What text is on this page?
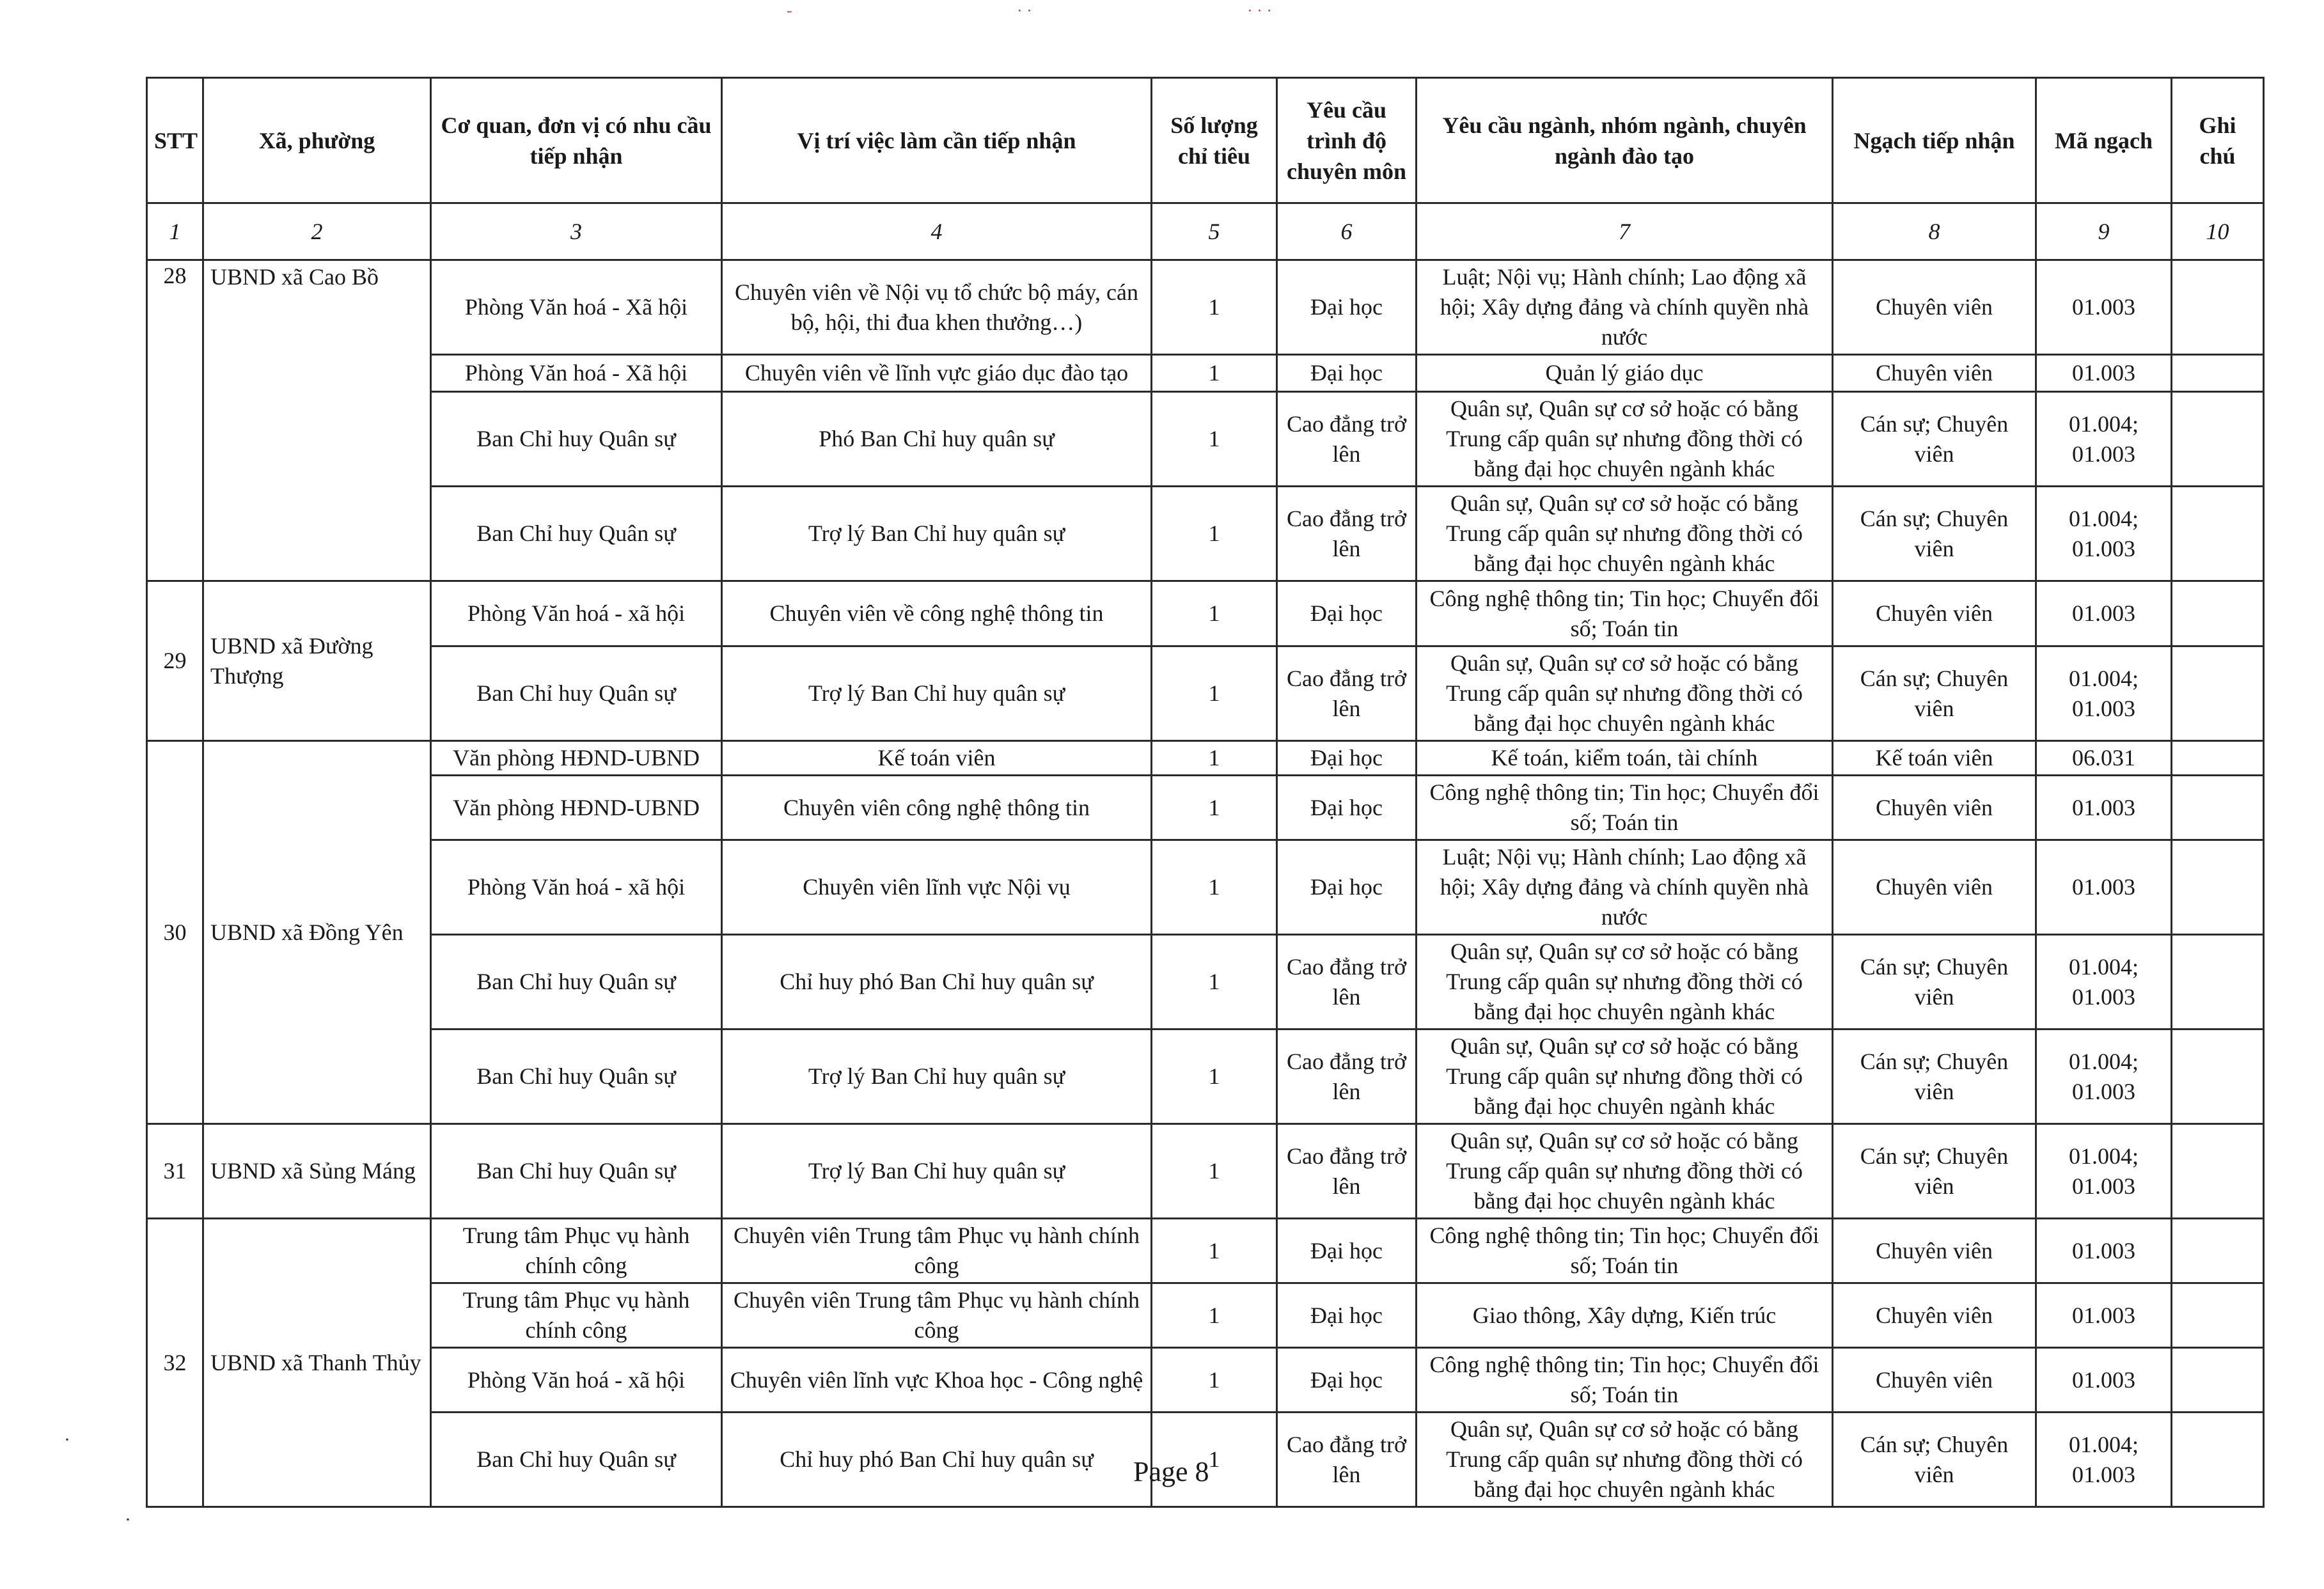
-	· ·	· · ·
·
·
STT	Xã, phường	Cơ quan, đơn vị có nhu cầu tiếp nhận	Vị trí việc làm cần tiếp nhận	Số lượng chỉ tiêu	Yêu cầu trình độ chuyên môn	Yêu cầu ngành, nhóm ngành, chuyên ngành đào tạo	Ngạch tiếp nhận	Mã ngạch	Ghi chú
1	2	3	4	5	6	7	8	9	10
28	UBND xã Cao Bồ	Phòng Văn hoá - Xã hội	Chuyên viên về Nội vụ tổ chức bộ máy, cán bộ, hội, thi đua khen thưởng…)	1	Đại học	Luật; Nội vụ; Hành chính; Lao động xã hội; Xây dựng đảng và chính quyền nhà nước	Chuyên viên	01.003	
		Phòng Văn hoá - Xã hội	Chuyên viên về lĩnh vực giáo dục đào tạo	1	Đại học	Quản lý giáo dục	Chuyên viên	01.003	
		Ban Chỉ huy Quân sự	Phó Ban Chỉ huy quân sự	1	Cao đẳng trở lên	Quân sự, Quân sự cơ sở hoặc có bằng Trung cấp quân sự nhưng đồng thời có bằng đại học chuyên ngành khác	Cán sự; Chuyên viên	01.004; 01.003	
		Ban Chỉ huy Quân sự	Trợ lý Ban Chỉ huy quân sự	1	Cao đẳng trở lên	Quân sự, Quân sự cơ sở hoặc có bằng Trung cấp quân sự nhưng đồng thời có bằng đại học chuyên ngành khác	Cán sự; Chuyên viên	01.004; 01.003	
29	UBND xã Đường Thượng	Phòng Văn hoá - xã hội	Chuyên viên về công nghệ thông tin	1	Đại học	Công nghệ thông tin; Tin học; Chuyển đổi số; Toán tin	Chuyên viên	01.003	
		Ban Chỉ huy Quân sự	Trợ lý Ban Chỉ huy quân sự	1	Cao đẳng trở lên	Quân sự, Quân sự cơ sở hoặc có bằng Trung cấp quân sự nhưng đồng thời có bằng đại học chuyên ngành khác	Cán sự; Chuyên viên	01.004; 01.003	
30	UBND xã Đồng Yên	Văn phòng HĐND-UBND	Kế toán viên	1	Đại học	Kế toán, kiểm toán, tài chính	Kế toán viên	06.031	
		Văn phòng HĐND-UBND	Chuyên viên công nghệ thông tin	1	Đại học	Công nghệ thông tin; Tin học; Chuyển đổi số; Toán tin	Chuyên viên	01.003	
		Phòng Văn hoá - xã hội	Chuyên viên lĩnh vực Nội vụ	1	Đại học	Luật; Nội vụ; Hành chính; Lao động xã hội; Xây dựng đảng và chính quyền nhà nước	Chuyên viên	01.003	
		Ban Chỉ huy Quân sự	Chỉ huy phó Ban Chỉ huy quân sự	1	Cao đẳng trở lên	Quân sự, Quân sự cơ sở hoặc có bằng Trung cấp quân sự nhưng đồng thời có bằng đại học chuyên ngành khác	Cán sự; Chuyên viên	01.004; 01.003	
		Ban Chỉ huy Quân sự	Trợ lý Ban Chỉ huy quân sự	1	Cao đẳng trở lên	Quân sự, Quân sự cơ sở hoặc có bằng Trung cấp quân sự nhưng đồng thời có bằng đại học chuyên ngành khác	Cán sự; Chuyên viên	01.004; 01.003	
31	UBND xã Sủng Máng	Ban Chỉ huy Quân sự	Trợ lý Ban Chỉ huy quân sự	1	Cao đẳng trở lên	Quân sự, Quân sự cơ sở hoặc có bằng Trung cấp quân sự nhưng đồng thời có bằng đại học chuyên ngành khác	Cán sự; Chuyên viên	01.004; 01.003	
32	UBND xã Thanh Thủy	Trung tâm Phục vụ hành chính công	Chuyên viên Trung tâm Phục vụ hành chính công	1	Đại học	Công nghệ thông tin; Tin học; Chuyển đổi số; Toán tin	Chuyên viên	01.003	
		Trung tâm Phục vụ hành chính công	Chuyên viên Trung tâm Phục vụ hành chính công	1	Đại học	Giao thông, Xây dựng, Kiến trúc	Chuyên viên	01.003	
		Phòng Văn hoá - xã hội	Chuyên viên lĩnh vực Khoa học - Công nghệ	1	Đại học	Công nghệ thông tin; Tin học; Chuyển đổi số; Toán tin	Chuyên viên	01.003	
		Ban Chỉ huy Quân sự	Chỉ huy phó Ban Chỉ huy quân sự	1	Cao đẳng trở lên	Quân sự, Quân sự cơ sở hoặc có bằng Trung cấp quân sự nhưng đồng thời có bằng đại học chuyên ngành khác	Cán sự; Chuyên viên	01.004; 01.003	
Page 8
